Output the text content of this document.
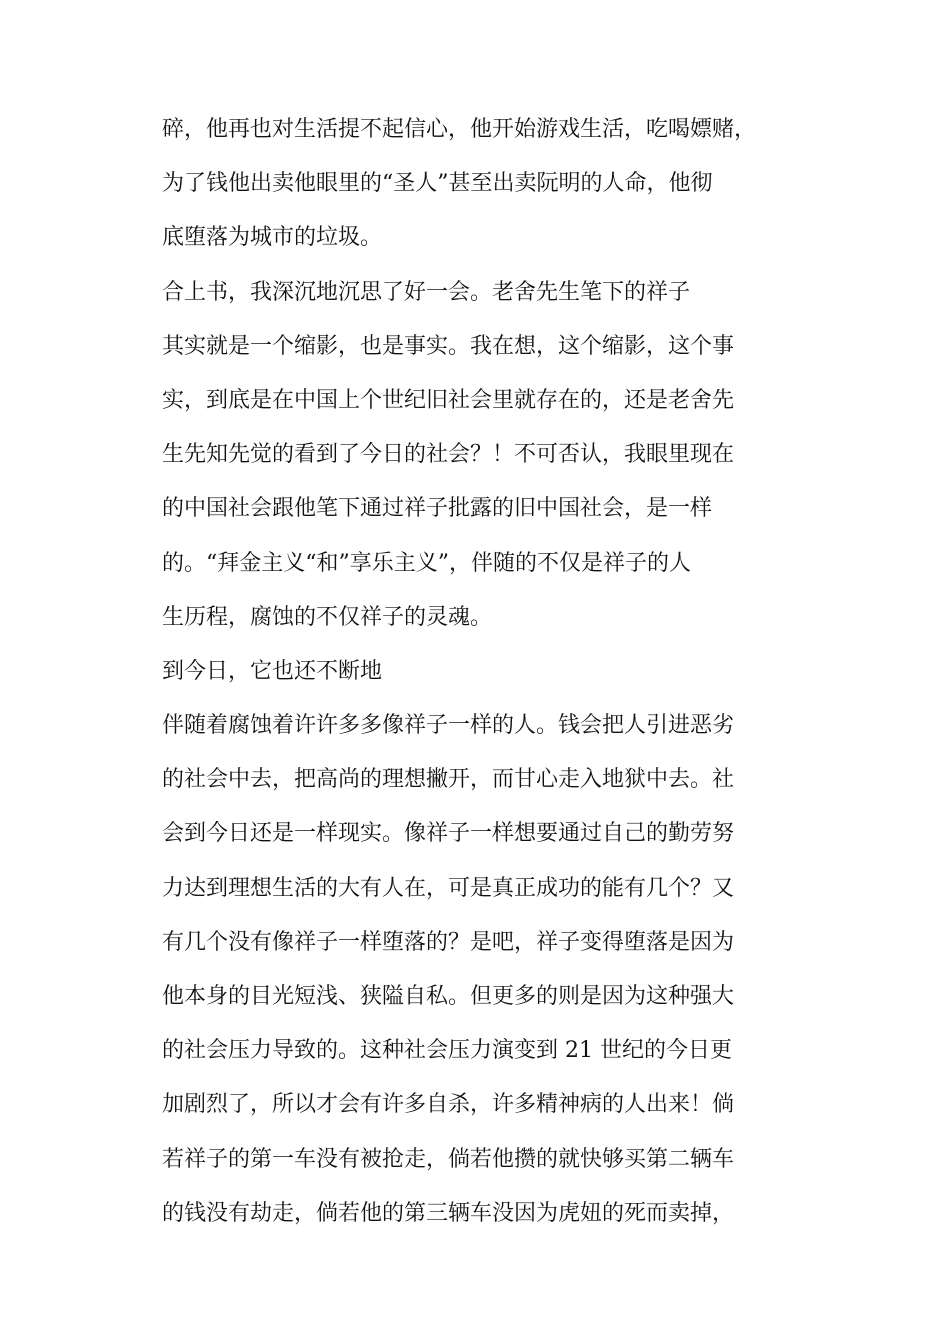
碎，他再也对生活提不起信心，他开始游戏生活，吃喝嫖赌，
为了钱他出卖他眼里的“圣人”甚至出卖阮明的人命，他彻
底堕落为城市的垃圾。
合上书，我深沉地沉思了好一会。老舍先生笔下的祥子
其实就是一个缩影，也是事实。我在想，这个缩影，这个事
实，到底是在中国上个世纪旧社会里就存在的，还是老舍先
生先知先觉的看到了今日的社会？！不可否认，我眼里现在
的中国社会跟他笔下通过祥子批露的旧中国社会，是一样
的。“拜金主义“和”享乐主义”，伴随的不仅是祥子的人
生历程，腐蚀的不仅祥子的灵魂。
到今日，它也还不断地
伴随着腐蚀着许许多多像祥子一样的人。钱会把人引进恶劣
的社会中去，把高尚的理想撇开，而甘心走入地狱中去。社
会到今日还是一样现实。像祥子一样想要通过自己的勤劳努
力达到理想生活的大有人在，可是真正成功的能有几个？又
有几个没有像祥子一样堕落的？是吧，祥子变得堕落是因为
他本身的目光短浅、狭隘自私。但更多的则是因为这种强大
的社会压力导致的。这种社会压力演变到 21 世纪的今日更
加剧烈了，所以才会有许多自杀，许多精神病的人出来！倘
若祥子的第一车没有被抢走，倘若他攒的就快够买第二辆车
的钱没有劫走，倘若他的第三辆车没因为虎妞的死而卖掉，
